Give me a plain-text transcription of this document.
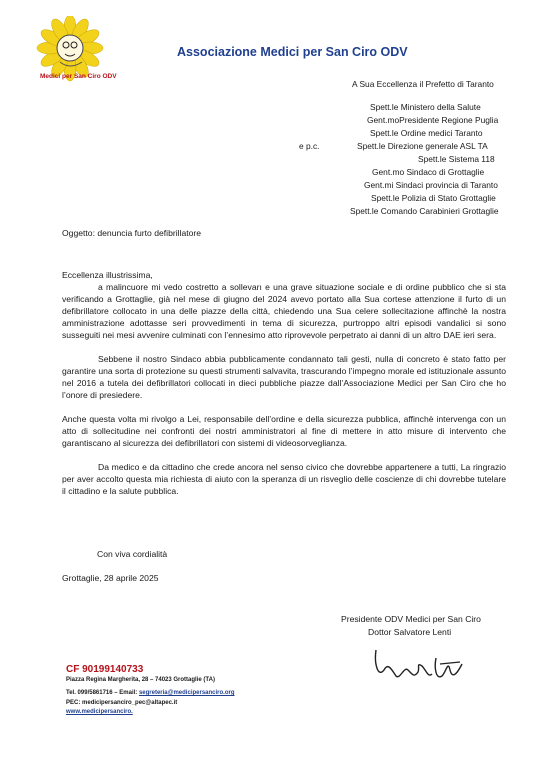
Medici per San Ciro ODV
Associazione Medici per San Ciro ODV
A Sua Eccellenza il Prefetto di Taranto
Spett.le Ministero della Salute
Gent.moPresidente Regione Puglia
Spett.le Ordine medici Taranto
e p.c.	Spett.le Direzione generale ASL TA
Spett.le Sistema 118
Gent.mo Sindaco di Grottaglie
Gent.mi Sindaci provincia di Taranto
Spett.le Polizia di Stato Grottaglie
Spett.le Comando Carabinieri Grottaglie
Oggetto: denuncia furto defibrillatore

Eccellenza illustrissima,

a malincuore mi vedo costretto a sollevarı e una grave situazione sociale e di ordine pubblico che si sta verificando a Grottaglie, già nel mese di giugno del 2024 avevo portato alla Sua cortese attenzione il furto di un defibrillatore collocato in una delle piazze della città, chiedendo una Sua celere sollecitazione affinchè la nostra amministrazione adottasse seri provvedimenti in tema di sicurezza, purtroppo altri episodi vandalici si sono susseguiti nei mesi avvenire culminati con l’ennesimo atto riprovevole perpetrato ai danni di un altro DAE ieri sera.

Sebbene il nostro Sindaco abbia pubblicamente condannato tali gesti, nulla di concreto è stato fatto per garantire una sorta di protezione su questi strumenti salvavita, trascurando l’impegno morale ed istituzionale assunto nel 2016 a tutela dei defibrillatori collocati in dieci pubbliche piazze dall’Associazione Medici per San Ciro che ho l’onore di presiedere.

Anche questa volta mi rivolgo a Lei, responsabile dell’ordine e della sicurezza pubblica, affinchè intervenga con un atto di sollecitudine nei confronti dei nostri amministratori al fine di mettere in atto misure di intervento che garantiscano al sicurezza dei defibrillatori con sistemi di videosorveglianza.

Da medico e da cittadino che crede ancora nel senso civico che dovrebbe appartenere a tutti, La ringrazio per aver accolto questa mia richiesta di aiuto con la speranza di un risveglio delle coscienze di chi dovrebbe tutelare il cittadino e la salute pubblica.

Con viva cordialità
Grottaglie, 28 aprile 2025
Presidente ODV Medici per San Ciro
Dottor Salvatore Lenti
CF 90199140733
Piazza Regina Margherita, 28 – 74023 Grottaglie (TA)
Tel. 099/5861716 – Email: segreteria@medicipersanciro.org
PEC: medicipersanciro_pec@altapec.it
www.medicipersanciro.
